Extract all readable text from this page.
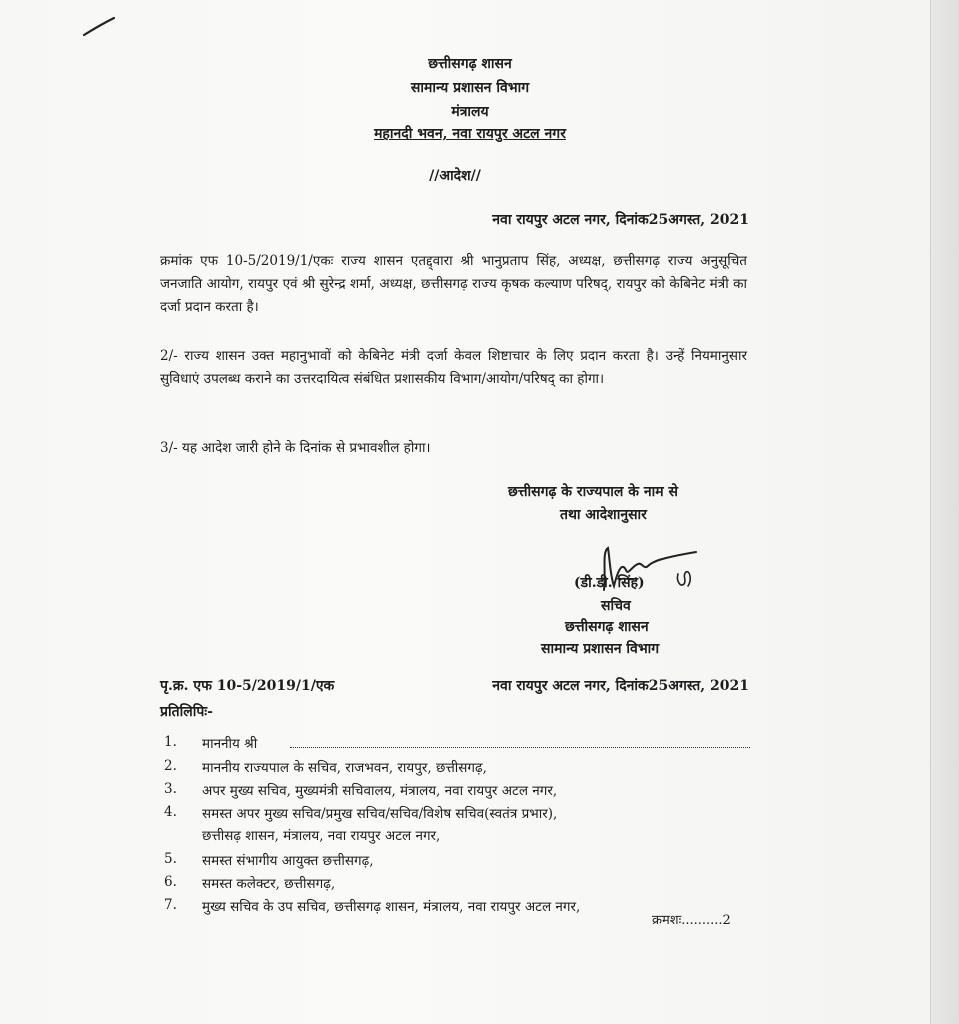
छत्तीसगढ़ शासन
सामान्य प्रशासन विभाग
मंत्रालय
महानदी भवन, नवा रायपुर अटल नगर
//आदेश//
नवा रायपुर अटल नगर, दिनांक25अगस्त, 2021
क्रमांक एफ 10-5/2019/1/एकः राज्य शासन एतद्द्वारा श्री भानुप्रताप सिंह, अध्यक्ष, छत्तीसगढ़ राज्य अनुसूचित जनजाति आयोग, रायपुर एवं श्री सुरेन्द्र शर्मा, अध्यक्ष, छत्तीसगढ़ राज्य कृषक कल्याण परिषद्, रायपुर को केबिनेट मंत्री का दर्जा प्रदान करता है।
2/- राज्य शासन उक्त महानुभावों को केबिनेट मंत्री दर्जा केवल शिष्टाचार के लिए प्रदान करता है। उन्हें नियमानुसार सुविधाएं उपलब्ध कराने का उत्तरदायित्व संबंधित प्रशासकीय विभाग/आयोग/परिषद् का होगा।
3/- यह आदेश जारी होने के दिनांक से प्रभावशील होगा।
छत्तीसगढ़ के राज्यपाल के नाम से
तथा आदेशानुसार
(डी.डी. सिंह)
सचिव
छत्तीसगढ़ शासन
सामान्य प्रशासन विभाग
पृ.क्र. एफ 10-5/2019/1/एक	नवा रायपुर अटल नगर, दिनांक25अगस्त, 2021
प्रतिलिपिः-
1.	माननीय श्री
2.	माननीय राज्यपाल के सचिव, राजभवन, रायपुर, छत्तीसगढ़,
3.	अपर मुख्य सचिव, मुख्यमंत्री सचिवालय, मंत्रालय, नवा रायपुर अटल नगर,
4.	समस्त अपर मुख्य सचिव/प्रमुख सचिव/सचिव/विशेष सचिव(स्वतंत्र प्रभार),
छत्तीसढ़ शासन, मंत्रालय, नवा रायपुर अटल नगर,
5.	समस्त संभागीय आयुक्त छत्तीसगढ़,
6.	समस्त कलेक्टर, छत्तीसगढ़,
7.	मुख्य सचिव के उप सचिव, छत्तीसगढ़ शासन, मंत्रालय, नवा रायपुर अटल नगर,
क्रमशः..........2
